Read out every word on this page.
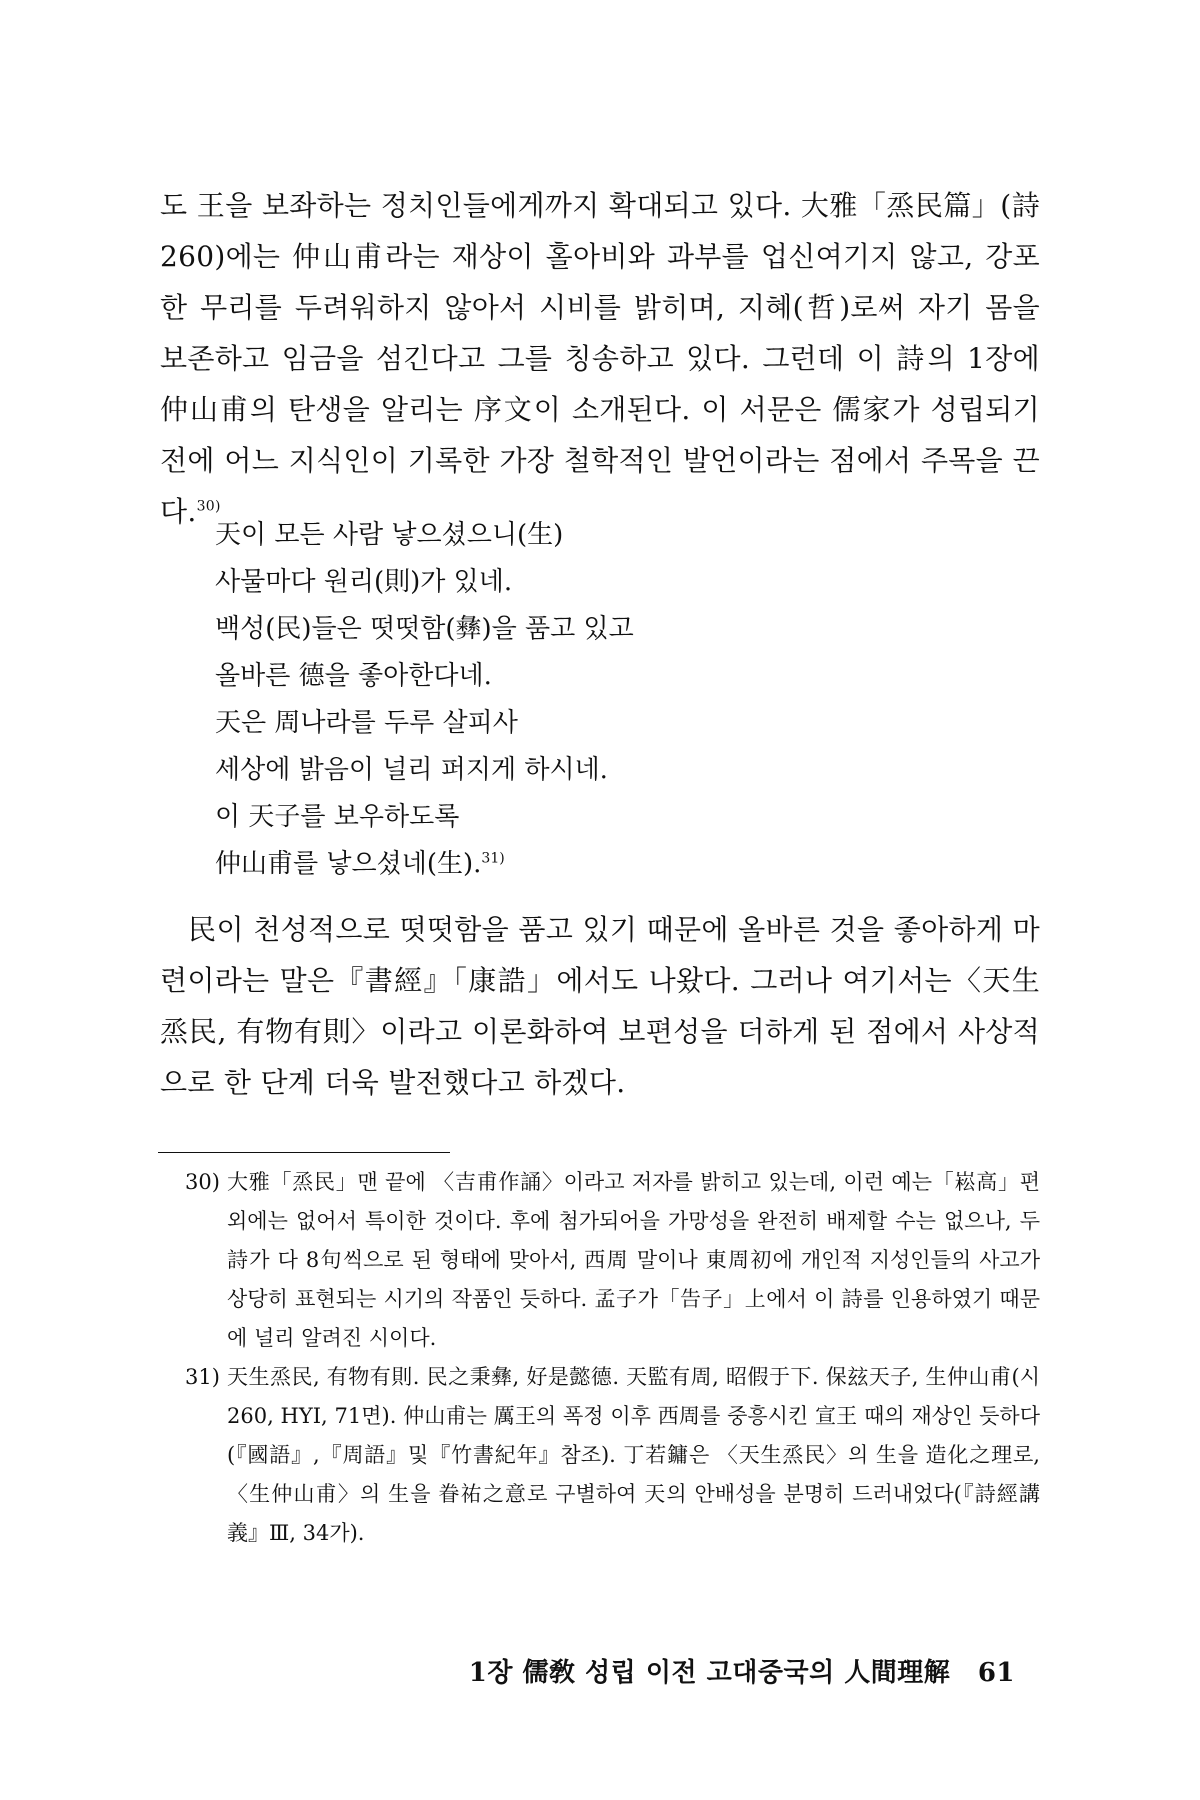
도 王을 보좌하는 정치인들에게까지 확대되고 있다. 大雅「烝民篇」(詩 260)에는 仲山甫라는 재상이 홀아비와 과부를 업신여기지 않고, 강포한 무리를 두려워하지 않아서 시비를 밝히며, 지혜(哲)로써 자기 몸을 보존하고 임금을 섬긴다고 그를 칭송하고 있다. 그런데 이 詩의 1장에 仲山甫의 탄생을 알리는 序文이 소개된다. 이 서문은 儒家가 성립되기 전에 어느 지식인이 기록한 가장 철학적인 발언이라는 점에서 주목을 끈다.$^{30)}$

天이 모든 사람 낳으셨으니(生)
사물마다 원리(則)가 있네.
백성(民)들은 떳떳함(彝)을 품고 있고
올바른 德을 좋아한다네.
天은 周나라를 두루 살피사
세상에 밝음이 널리 퍼지게 하시네.
이 天子를 보우하도록
仲山甫를 낳으셨네(生).$^{31)}$

民이 천성적으로 떳떳함을 품고 있기 때문에 올바른 것을 좋아하게 마련이라는 말은『書經』「康誥」에서도 나왔다. 그러나 여기서는〈天生烝民, 有物有則〉이라고 이론화하여 보편성을 더하게 된 점에서 사상적으로 한 단계 더욱 발전했다고 하겠다.

30) 大雅「烝民」맨 끝에 〈吉甫作誦〉이라고 저자를 밝히고 있는데, 이런 예는「崧高」편 외에는 없어서 특이한 것이다. 후에 첨가되어을 가망성을 완전히 배제할 수는 없으나, 두 詩가 다 8句씩으로 된 형태에 맞아서, 西周 말이나 東周初에 개인적 지성인들의 사고가 상당히 표현되는 시기의 작품인 듯하다. 孟子가「告子」上에서 이 詩를 인용하였기 때문에 널리 알려진 시이다.
31) 天生烝民, 有物有則. 民之秉彝, 好是懿德. 天監有周, 昭假于下. 保玆天子, 生仲山甫(시 260, HYI, 71면). 仲山甫는 厲王의 폭정 이후 西周를 중흥시킨 宣王 때의 재상인 듯하다(『國語』,『周語』및『竹書紀年』참조). 丁若鏞은 〈天生烝民〉의 生을 造化之理로, 〈生仲山甫〉의 生을 眷祐之意로 구별하여 天의 안배성을 분명히 드러내었다(『詩經講義』Ⅲ, 34가).
1장 儒敎 성립 이전 고대중국의 人間理解 61
